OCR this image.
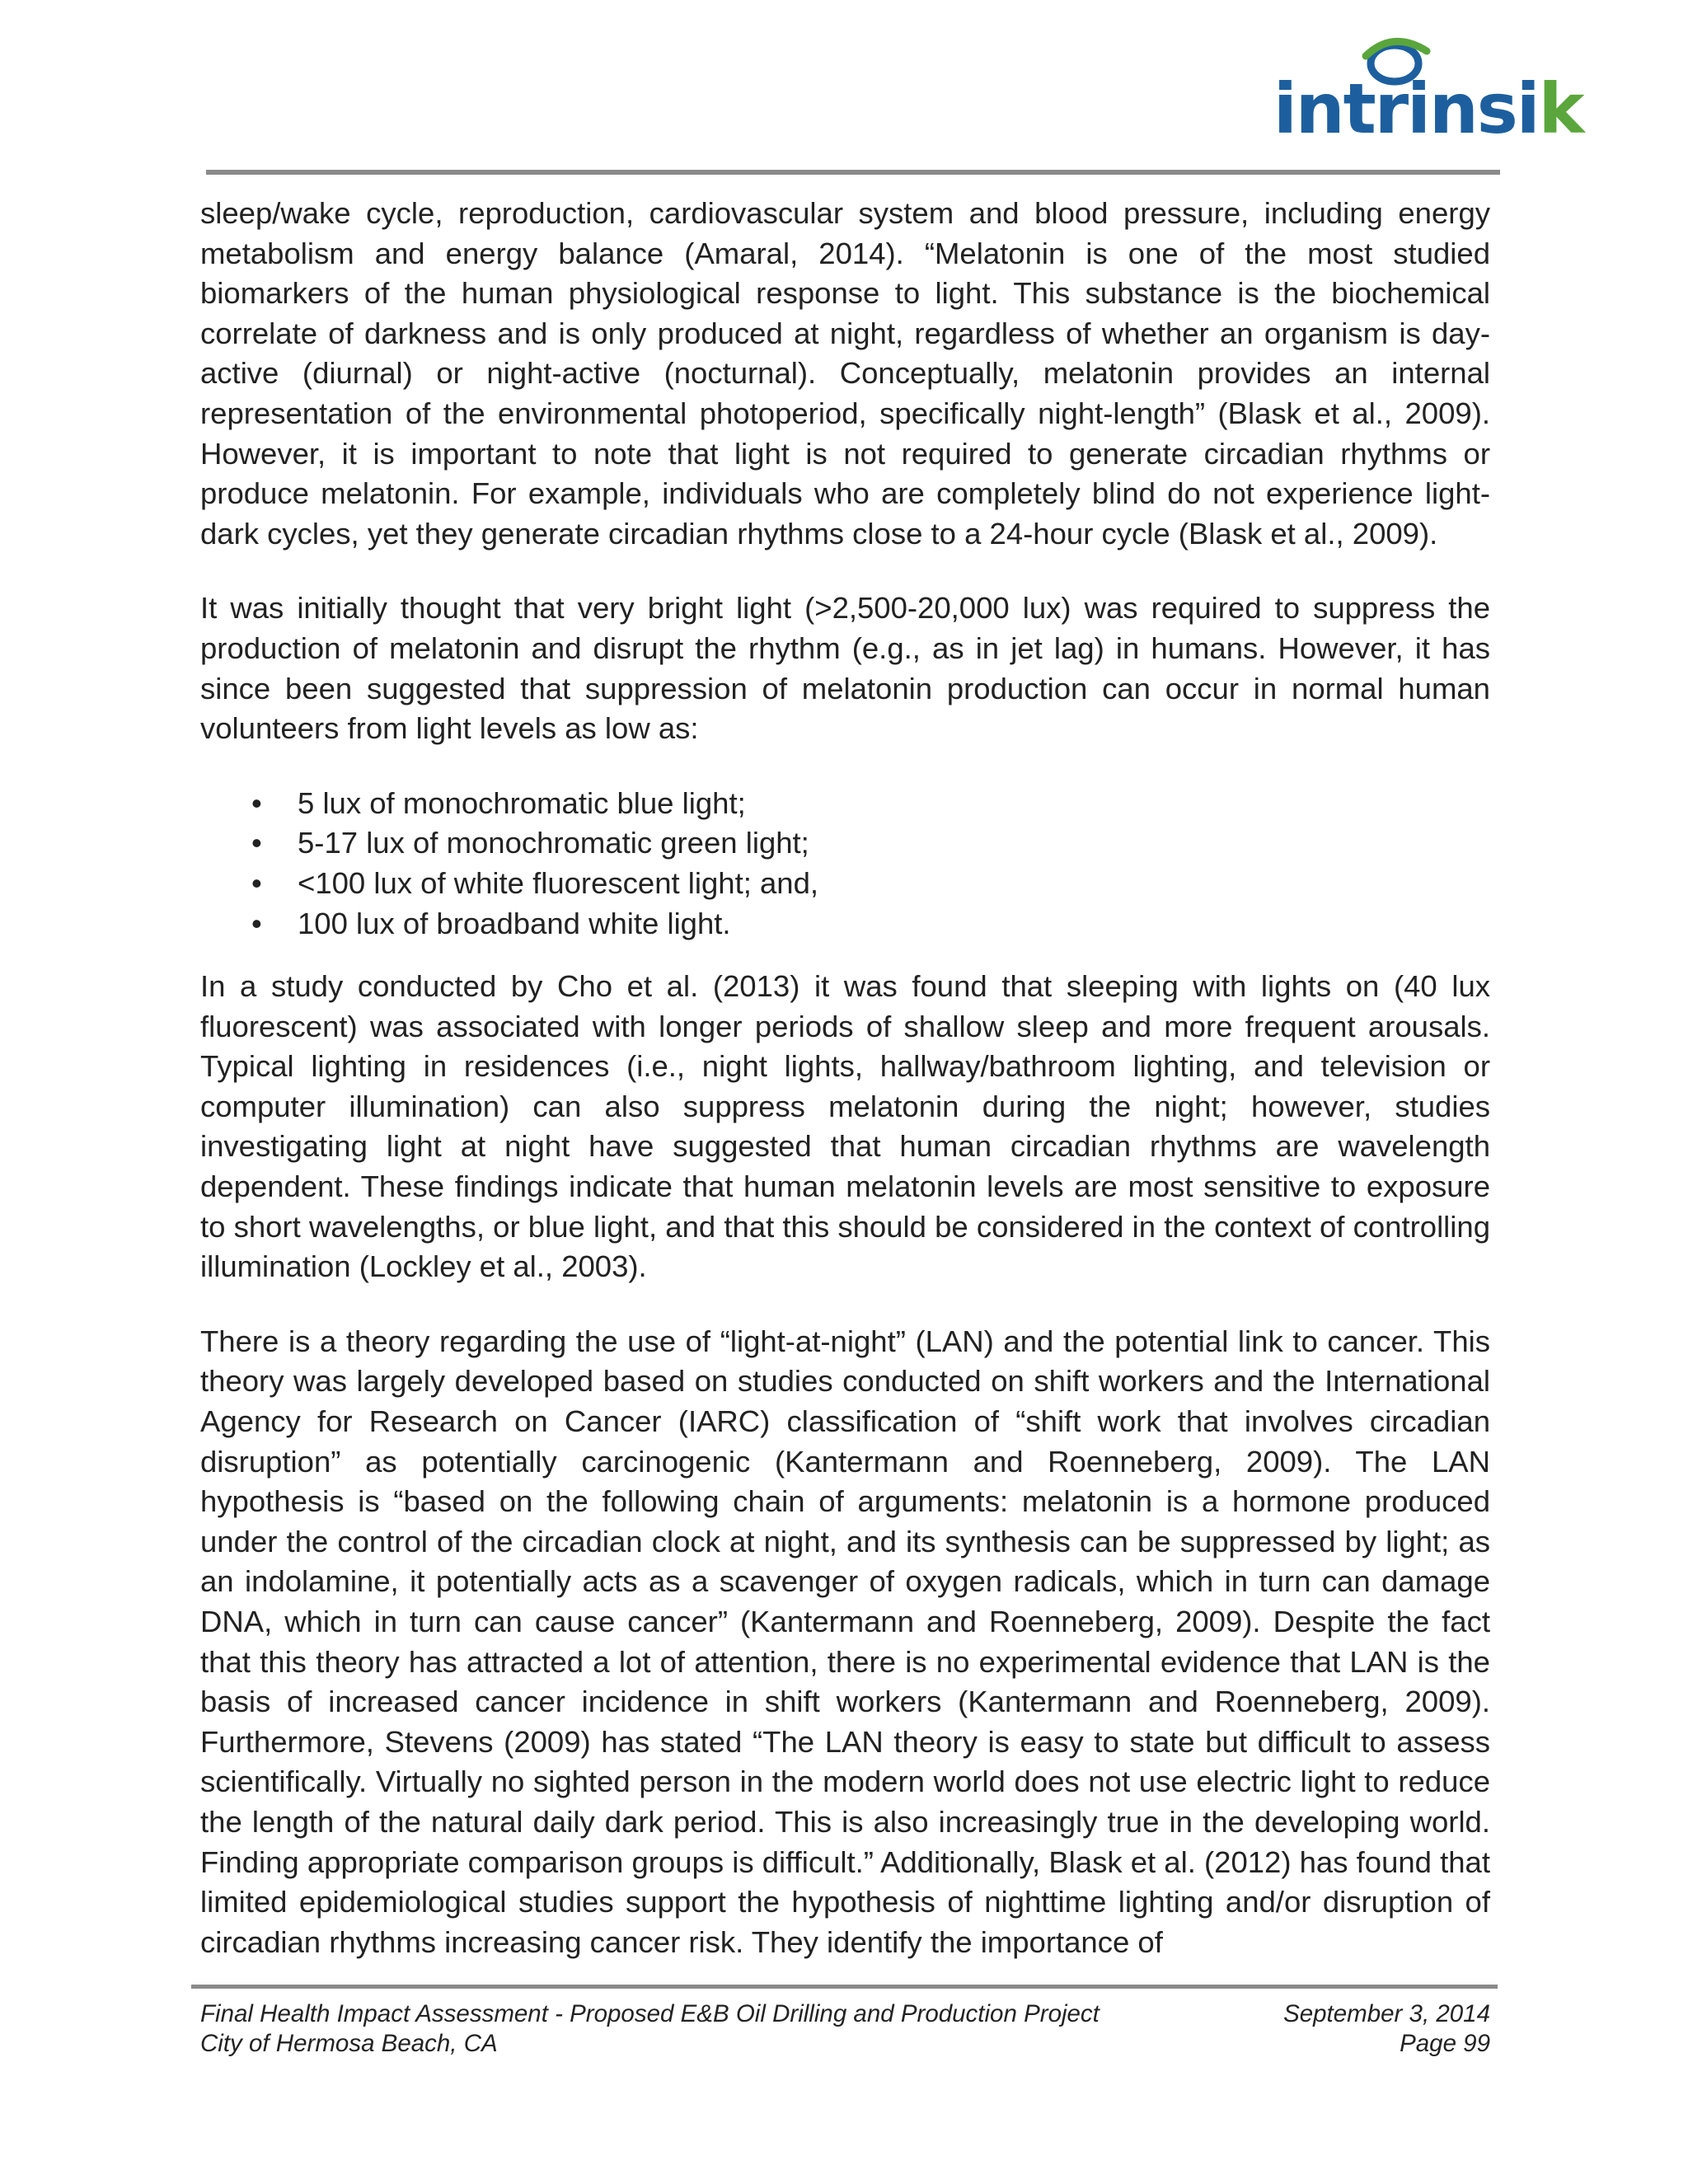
intrinsik

sleep/wake cycle, reproduction, cardiovascular system and blood pressure, including energy metabolism and energy balance (Amaral, 2014). “Melatonin is one of the most studied biomarkers of the human physiological response to light. This substance is the biochemical correlate of darkness and is only produced at night, regardless of whether an organism is day-active (diurnal) or night-active (nocturnal). Conceptually, melatonin provides an internal representation of the environmental photoperiod, specifically night-length” (Blask et al., 2009). However, it is important to note that light is not required to generate circadian rhythms or produce melatonin. For example, individuals who are completely blind do not experience light-dark cycles, yet they generate circadian rhythms close to a 24-hour cycle (Blask et al., 2009).

It was initially thought that very bright light (>2,500-20,000 lux) was required to suppress the production of melatonin and disrupt the rhythm (e.g., as in jet lag) in humans. However, it has since been suggested that suppression of melatonin production can occur in normal human volunteers from light levels as low as:

• 5 lux of monochromatic blue light;
• 5-17 lux of monochromatic green light;
• <100 lux of white fluorescent light; and,
• 100 lux of broadband white light.

In a study conducted by Cho et al. (2013) it was found that sleeping with lights on (40 lux fluorescent) was associated with longer periods of shallow sleep and more frequent arousals. Typical lighting in residences (i.e., night lights, hallway/bathroom lighting, and television or computer illumination) can also suppress melatonin during the night; however, studies investigating light at night have suggested that human circadian rhythms are wavelength dependent. These findings indicate that human melatonin levels are most sensitive to exposure to short wavelengths, or blue light, and that this should be considered in the context of controlling illumination (Lockley et al., 2003).

There is a theory regarding the use of “light-at-night” (LAN) and the potential link to cancer. This theory was largely developed based on studies conducted on shift workers and the International Agency for Research on Cancer (IARC) classification of “shift work that involves circadian disruption” as potentially carcinogenic (Kantermann and Roenneberg, 2009). The LAN hypothesis is “based on the following chain of arguments: melatonin is a hormone produced under the control of the circadian clock at night, and its synthesis can be suppressed by light; as an indolamine, it potentially acts as a scavenger of oxygen radicals, which in turn can damage DNA, which in turn can cause cancer” (Kantermann and Roenneberg, 2009). Despite the fact that this theory has attracted a lot of attention, there is no experimental evidence that LAN is the basis of increased cancer incidence in shift workers (Kantermann and Roenneberg, 2009). Furthermore, Stevens (2009) has stated “The LAN theory is easy to state but difficult to assess scientifically. Virtually no sighted person in the modern world does not use electric light to reduce the length of the natural daily dark period. This is also increasingly true in the developing world. Finding appropriate comparison groups is difficult.” Additionally, Blask et al. (2012) has found that limited epidemiological studies support the hypothesis of nighttime lighting and/or disruption of circadian rhythms increasing cancer risk. They identify the importance of

Final Health Impact Assessment - Proposed E&B Oil Drilling and Production Project	September 3, 2014
City of Hermosa Beach, CA	Page 99
